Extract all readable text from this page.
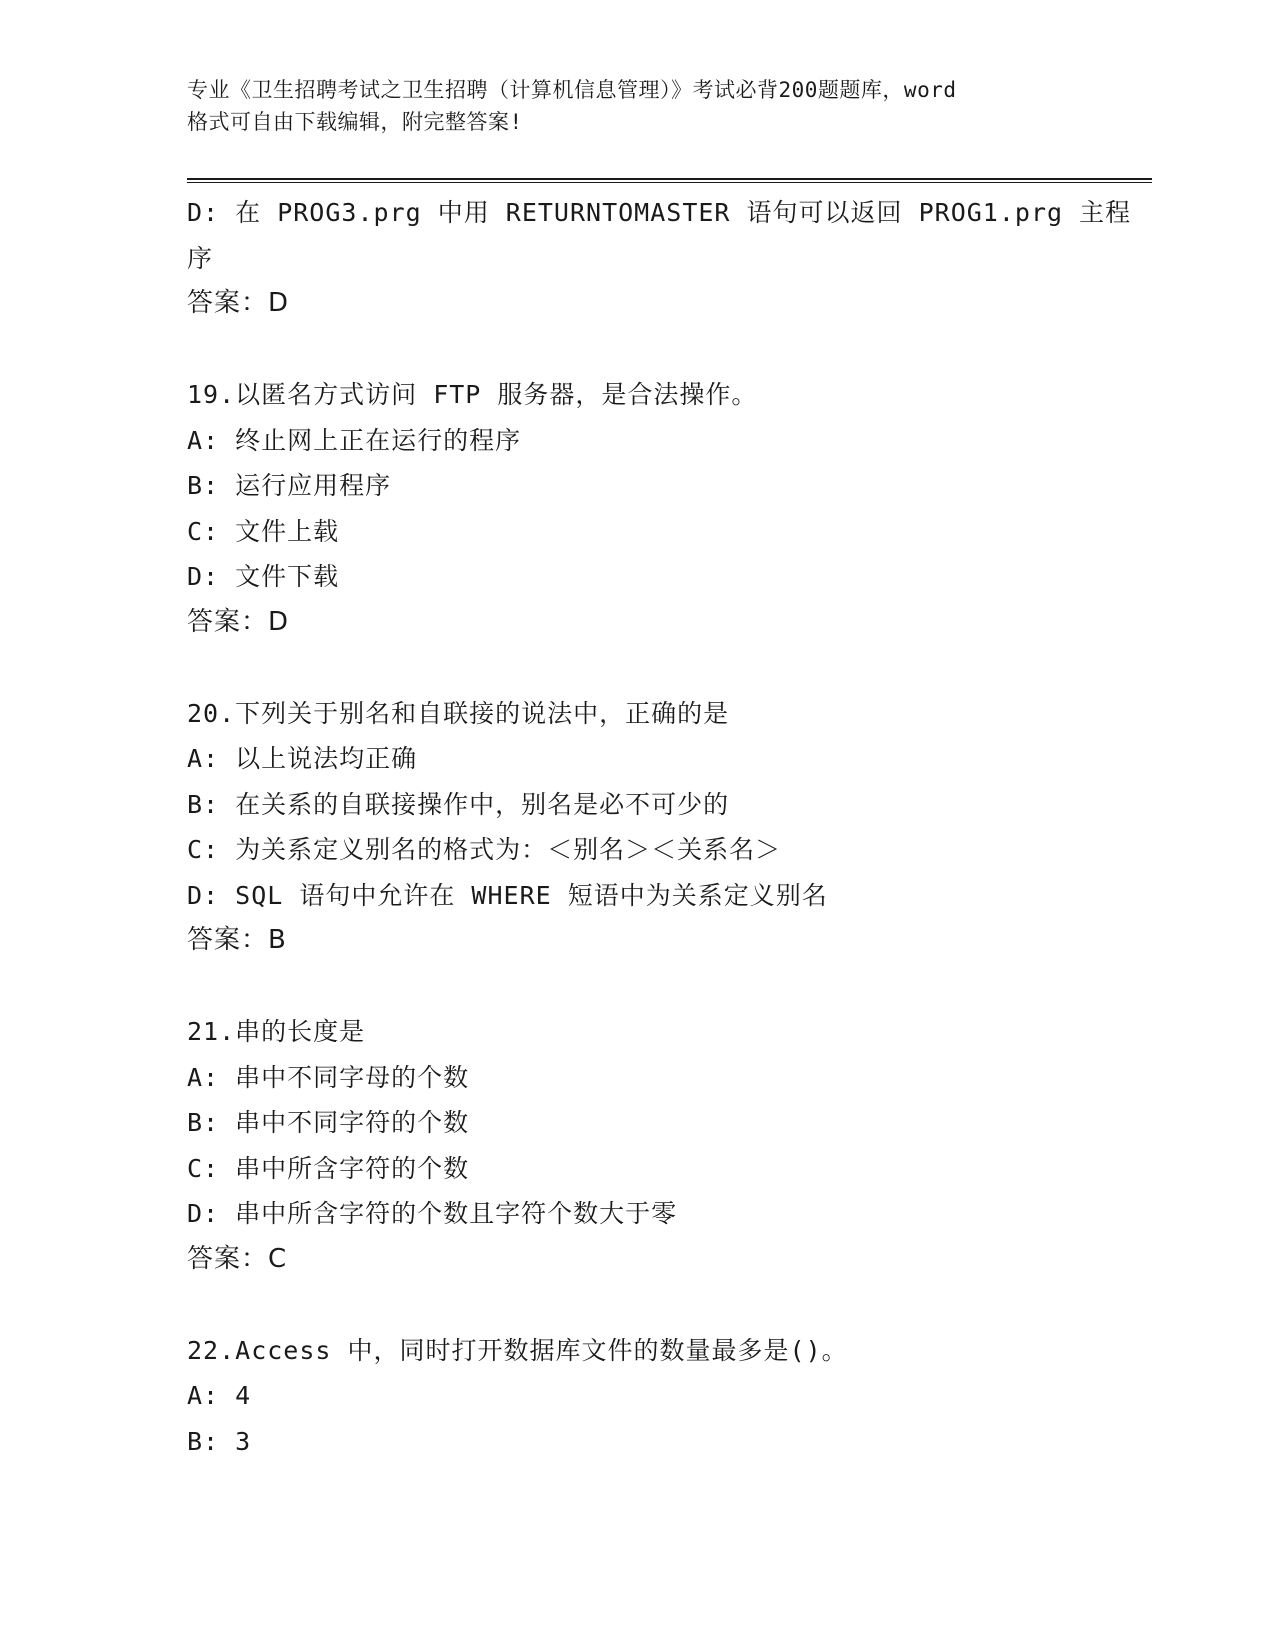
专业《卫生招聘考试之卫生招聘（计算机信息管理）》考试必背200题题库，word
格式可自由下载编辑，附完整答案!
D: 在 PROG3.prg 中用 RETURNTOMASTER 语句可以返回 PROG1.prg 主程
序
答案：D
19.以匿名方式访问 FTP 服务器，是合法操作。
A: 终止网上正在运行的程序
B: 运行应用程序
C: 文件上载
D: 文件下载
答案：D
20.下列关于别名和自联接的说法中，正确的是
A: 以上说法均正确
B: 在关系的自联接操作中，别名是必不可少的
C: 为关系定义别名的格式为：＜别名＞＜关系名＞
D: SQL 语句中允许在 WHERE 短语中为关系定义别名
答案：B
21.串的长度是
A: 串中不同字母的个数
B: 串中不同字符的个数
C: 串中所含字符的个数
D: 串中所含字符的个数且字符个数大于零
答案：C
22.Access 中，同时打开数据库文件的数量最多是()。
A: 4
B: 3
